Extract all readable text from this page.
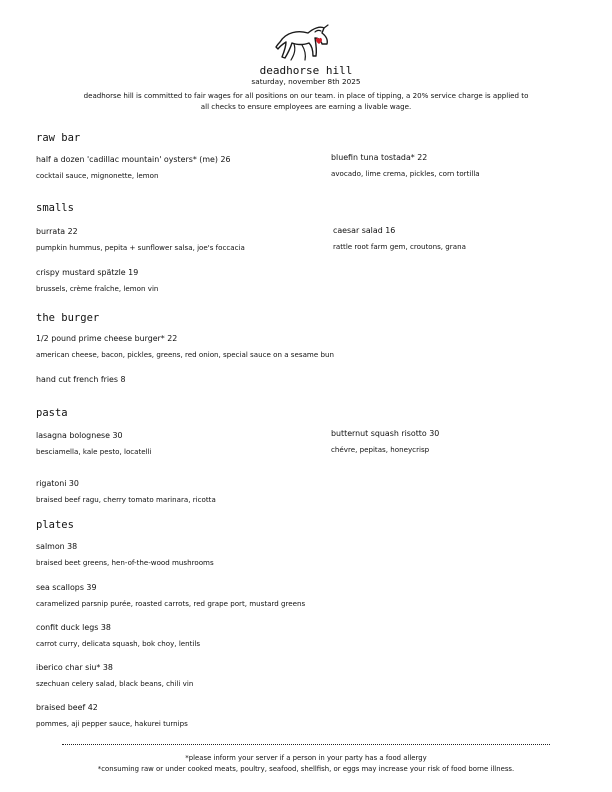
deadhorse hill
saturday, november 8th 2025
deadhorse hill is committed to fair wages for all positions on our team. in place of tipping, a 20% service charge is applied to
all checks to ensure employees are earning a livable wage.
raw bar
half a dozen 'cadillac mountain' oysters* (me) 26
cocktail sauce, mignonette, lemon
bluefin tuna tostada* 22
avocado, lime crema, pickles, corn tortilla
smalls
burrata 22
pumpkin hummus, pepita + sunflower salsa, joe's foccacia
caesar salad 16
rattle root farm gem, croutons, grana
crispy mustard spätzle 19
brussels, crème fraîche, lemon vin
the burger
1/2 pound prime cheese burger* 22
american cheese, bacon, pickles, greens, red onion, special sauce on a sesame bun
hand cut french fries 8
pasta
lasagna bolognese 30
besciamella, kale pesto, locatelli
butternut squash risotto 30
chévre, pepitas, honeycrisp
rigatoni 30
braised beef ragu, cherry tomato marinara, ricotta
plates
salmon 38
braised beet greens, hen-of-the-wood mushrooms
sea scallops 39
caramelized parsnip purée, roasted carrots, red grape port, mustard greens
confit duck legs 38
carrot curry, delicata squash, bok choy, lentils
iberico char siu* 38
szechuan celery salad, black beans, chili vin
braised beef 42
pommes, aji pepper sauce, hakurei turnips
*please inform your server if a person in your party has a food allergy
*consuming raw or under cooked meats, poultry, seafood, shellfish, or eggs may increase your risk of food borne illness.
